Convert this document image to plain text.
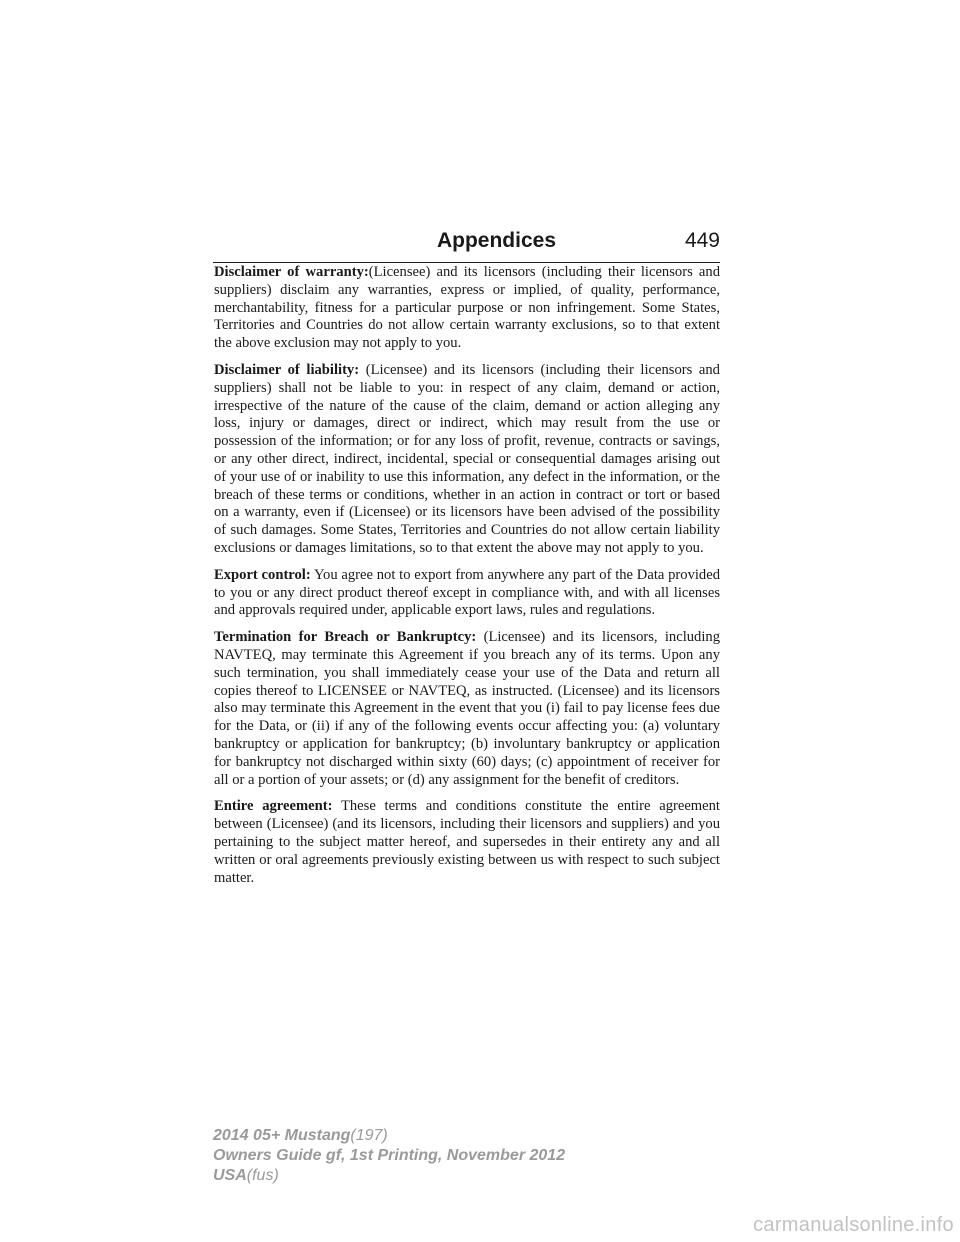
Appendices	449

Disclaimer of warranty:(Licensee) and its licensors (including their licensors and suppliers) disclaim any warranties, express or implied, of quality, performance, merchantability, fitness for a particular purpose or non infringement. Some States, Territories and Countries do not allow certain warranty exclusions, so to that extent the above exclusion may not apply to you.

Disclaimer of liability: (Licensee) and its licensors (including their licensors and suppliers) shall not be liable to you: in respect of any claim, demand or action, irrespective of the nature of the cause of the claim, demand or action alleging any loss, injury or damages, direct or indirect, which may result from the use or possession of the information; or for any loss of profit, revenue, contracts or savings, or any other direct, indirect, incidental, special or consequential damages arising out of your use of or inability to use this information, any defect in the information, or the breach of these terms or conditions, whether in an action in contract or tort or based on a warranty, even if (Licensee) or its licensors have been advised of the possibility of such damages. Some States, Territories and Countries do not allow certain liability exclusions or damages limitations, so to that extent the above may not apply to you.

Export control: You agree not to export from anywhere any part of the Data provided to you or any direct product thereof except in compliance with, and with all licenses and approvals required under, applicable export laws, rules and regulations.

Termination for Breach or Bankruptcy: (Licensee) and its licensors, including NAVTEQ, may terminate this Agreement if you breach any of its terms. Upon any such termination, you shall immediately cease your use of the Data and return all copies thereof to LICENSEE or NAVTEQ, as instructed. (Licensee) and its licensors also may terminate this Agreement in the event that you (i) fail to pay license fees due for the Data, or (ii) if any of the following events occur affecting you: (a) voluntary bankruptcy or application for bankruptcy; (b) involuntary bankruptcy or application for bankruptcy not discharged within sixty (60) days; (c) appointment of receiver for all or a portion of your assets; or (d) any assignment for the benefit of creditors.

Entire agreement: These terms and conditions constitute the entire agreement between (Licensee) (and its licensors, including their licensors and suppliers) and you pertaining to the subject matter hereof, and supersedes in their entirety any and all written or oral agreements previously existing between us with respect to such subject matter.

2014 05+ Mustang(197)
Owners Guide gf, 1st Printing, November 2012
USA(fus)
carmanualsonline.info
